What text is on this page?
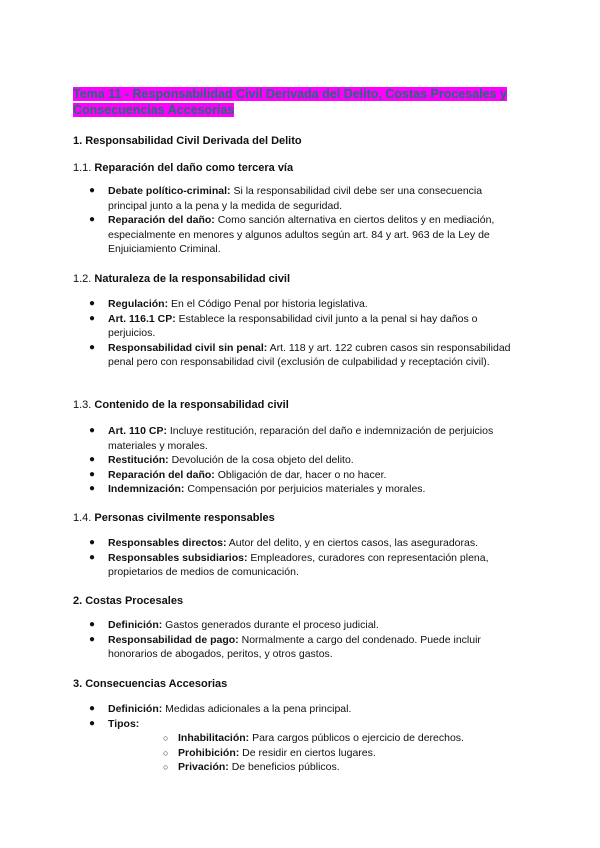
Tema 11 - Responsabilidad Civil Derivada del Delito, Costas Procesales y Consecuencias Accesorias
1. Responsabilidad Civil Derivada del Delito
1.1. Reparación del daño como tercera vía
● Debate político-criminal: Si la responsabilidad civil debe ser una consecuencia principal junto a la pena y la medida de seguridad.
● Reparación del daño: Como sanción alternativa en ciertos delitos y en mediación, especialmente en menores y algunos adultos según art. 84 y art. 963 de la Ley de Enjuiciamiento Criminal.
1.2. Naturaleza de la responsabilidad civil
● Regulación: En el Código Penal por historia legislativa.
● Art. 116.1 CP: Establece la responsabilidad civil junto a la penal si hay daños o perjuicios.
● Responsabilidad civil sin penal: Art. 118 y art. 122 cubren casos sin responsabilidad penal pero con responsabilidad civil (exclusión de culpabilidad y receptación civil).
1.3. Contenido de la responsabilidad civil
● Art. 110 CP: Incluye restitución, reparación del daño e indemnización de perjuicios materiales y morales.
● Restitución: Devolución de la cosa objeto del delito.
● Reparación del daño: Obligación de dar, hacer o no hacer.
● Indemnización: Compensación por perjuicios materiales y morales.
1.4. Personas civilmente responsables
● Responsables directos: Autor del delito, y en ciertos casos, las aseguradoras.
● Responsables subsidiarios: Empleadores, curadores con representación plena, propietarios de medios de comunicación.
2. Costas Procesales
● Definición: Gastos generados durante el proceso judicial.
● Responsabilidad de pago: Normalmente a cargo del condenado. Puede incluir honorarios de abogados, peritos, y otros gastos.
3. Consecuencias Accesorias
● Definición: Medidas adicionales a la pena principal.
● Tipos:
○ Inhabilitación: Para cargos públicos o ejercicio de derechos.
○ Prohibición: De residir en ciertos lugares.
○ Privación: De beneficios públicos.
